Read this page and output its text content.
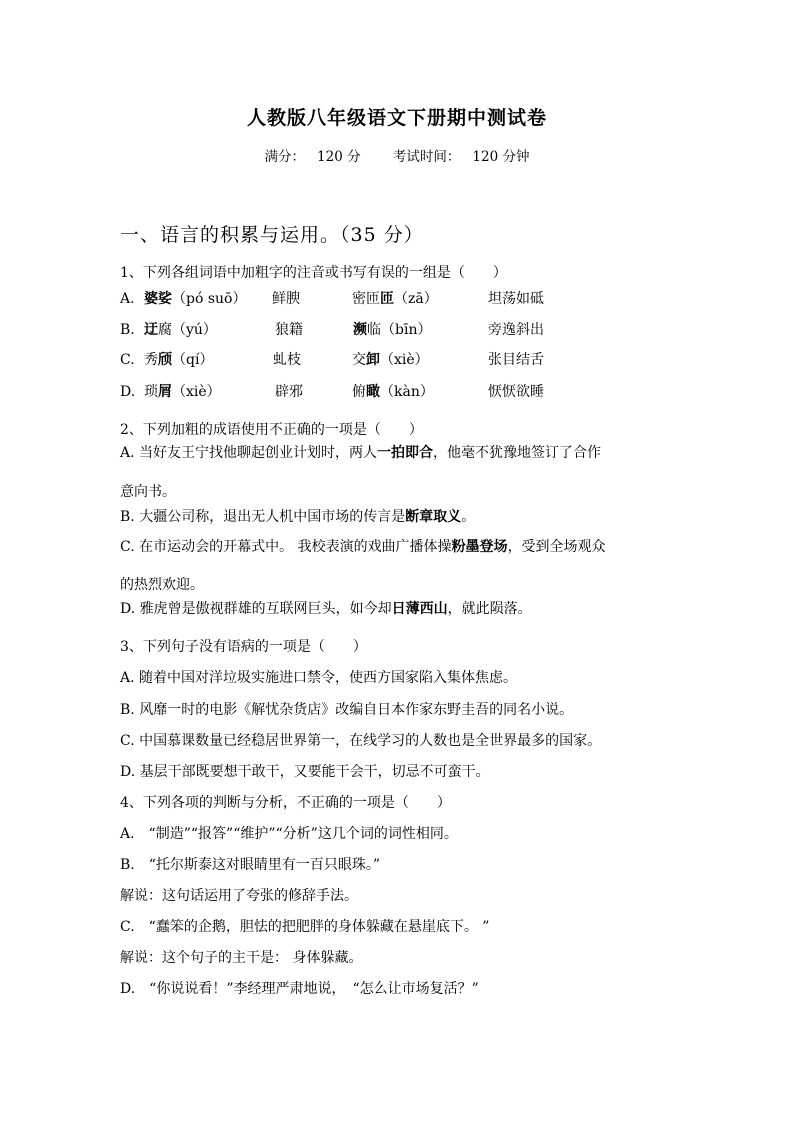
人教版八年级语文下册期中测试卷
满分： 120 分 考试时间： 120 分钟
一、语言的积累与运用。（35 分）
1、下列各组词语中加粗字的注音或书写有误的一组是（　　）
A. 婆娑（pó suō） 鲜腴	密匝匝（zā）	坦荡如砥
B. 迂腐（yú）	狼籍	濒临（bīn）	旁逸斜出
C. 秀颀（qí）	虬枝	交卸（xiè）	张目结舌
D. 琐屑（xiè）	辟邪	俯瞰（kàn）	恹恹欲睡
2、下列加粗的成语使用不正确的一项是（　　）
A. 当好友王宁找他聊起创业计划时，两人一拍即合，他毫不犹豫地签订了合作
意向书。
B. 大疆公司称，退出无人机中国市场的传言是断章取义。
C. 在市运动会的开幕式中。 我校表演的戏曲广播体操粉墨登场，受到全场观众
的热烈欢迎。
D. 雅虎曾是傲视群雄的互联网巨头，如今却日薄西山，就此陨落。
3、下列句子没有语病的一项是（　　）
A. 随着中国对洋垃圾实施进口禁令，使西方国家陷入集体焦虑。
B. 风靡一时的电影《解忧杂货店》改编自日本作家东野圭吾的同名小说。
C. 中国慕课数量已经稳居世界第一，在线学习的人数也是全世界最多的国家。
D. 基层干部既要想干敢干，又要能干会干，切忌不可蛮干。
4、下列各项的判断与分析，不正确的一项是（　　）
A.　“制造”“报答”“维护”“分析”这几个词的词性相同。
B.　“托尔斯泰这对眼睛里有一百只眼珠。”
解说：这句话运用了夸张的修辞手法。
C.　“蠢笨的企鹅，胆怯的把肥胖的身体躲藏在悬崖底下。 ”
解说：这个句子的主干是： 身体躲藏。
D.　“你说说看！”李经理严肃地说，　“怎么让市场复活？”
